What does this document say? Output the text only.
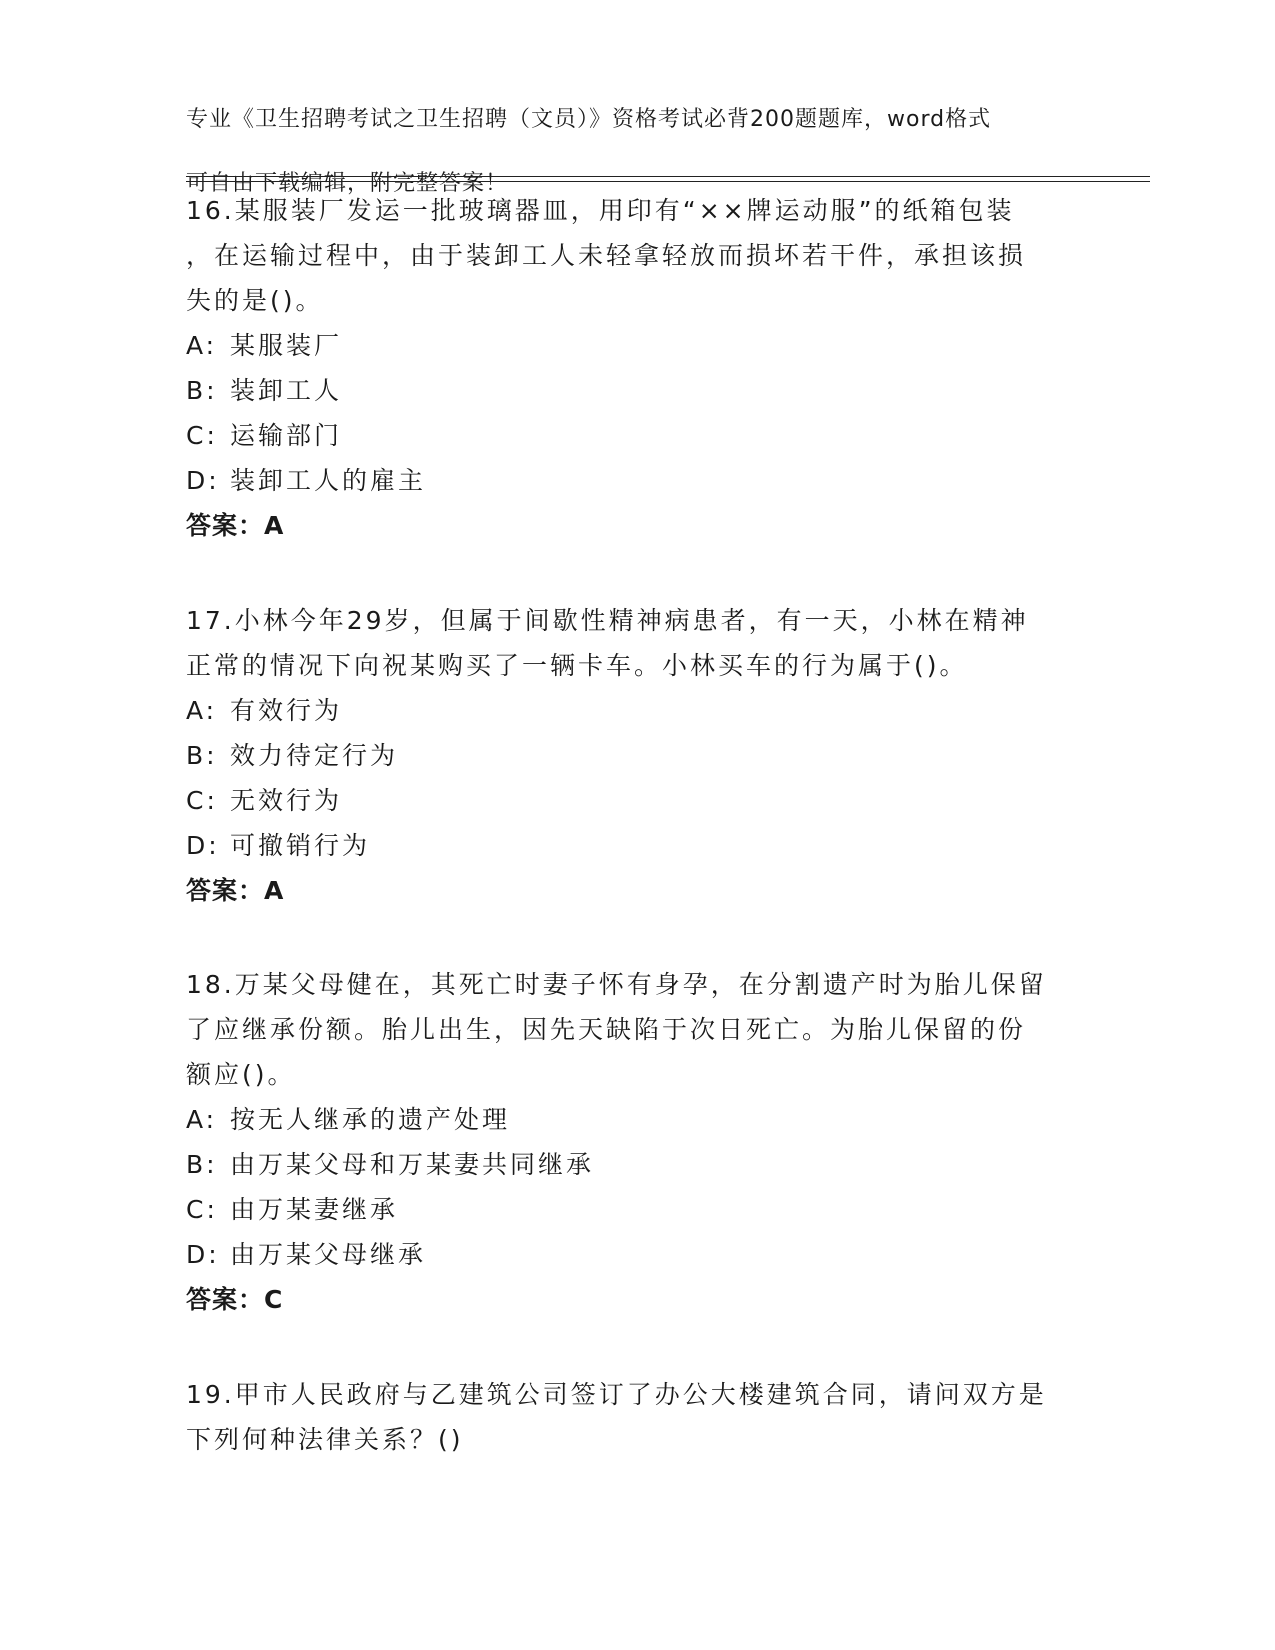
专业《卫生招聘考试之卫生招聘（文员）》资格考试必背200题题库，word格式

可自由下载编辑，附完整答案！

16.某服装厂发运一批玻璃器皿，用印有“××牌运动服”的纸箱包装

，在运输过程中，由于装卸工人未轻拿轻放而损坏若干件，承担该损

失的是()。

A: 某服装厂
B: 装卸工人
C: 运输部门
D: 装卸工人的雇主

答案：A

17.小林今年29岁，但属于间歇性精神病患者，有一天，小林在精神

正常的情况下向祝某购买了一辆卡车。小林买车的行为属于()。

A: 有效行为
B: 效力待定行为
C: 无效行为
D: 可撤销行为

答案：A

18.万某父母健在，其死亡时妻子怀有身孕，在分割遗产时为胎儿保留

了应继承份额。胎儿出生，因先天缺陷于次日死亡。为胎儿保留的份

额应()。

A: 按无人继承的遗产处理
B: 由万某父母和万某妻共同继承
C: 由万某妻继承
D: 由万某父母继承

答案：C

19.甲市人民政府与乙建筑公司签订了办公大楼建筑合同，请问双方是

下列何种法律关系？()
